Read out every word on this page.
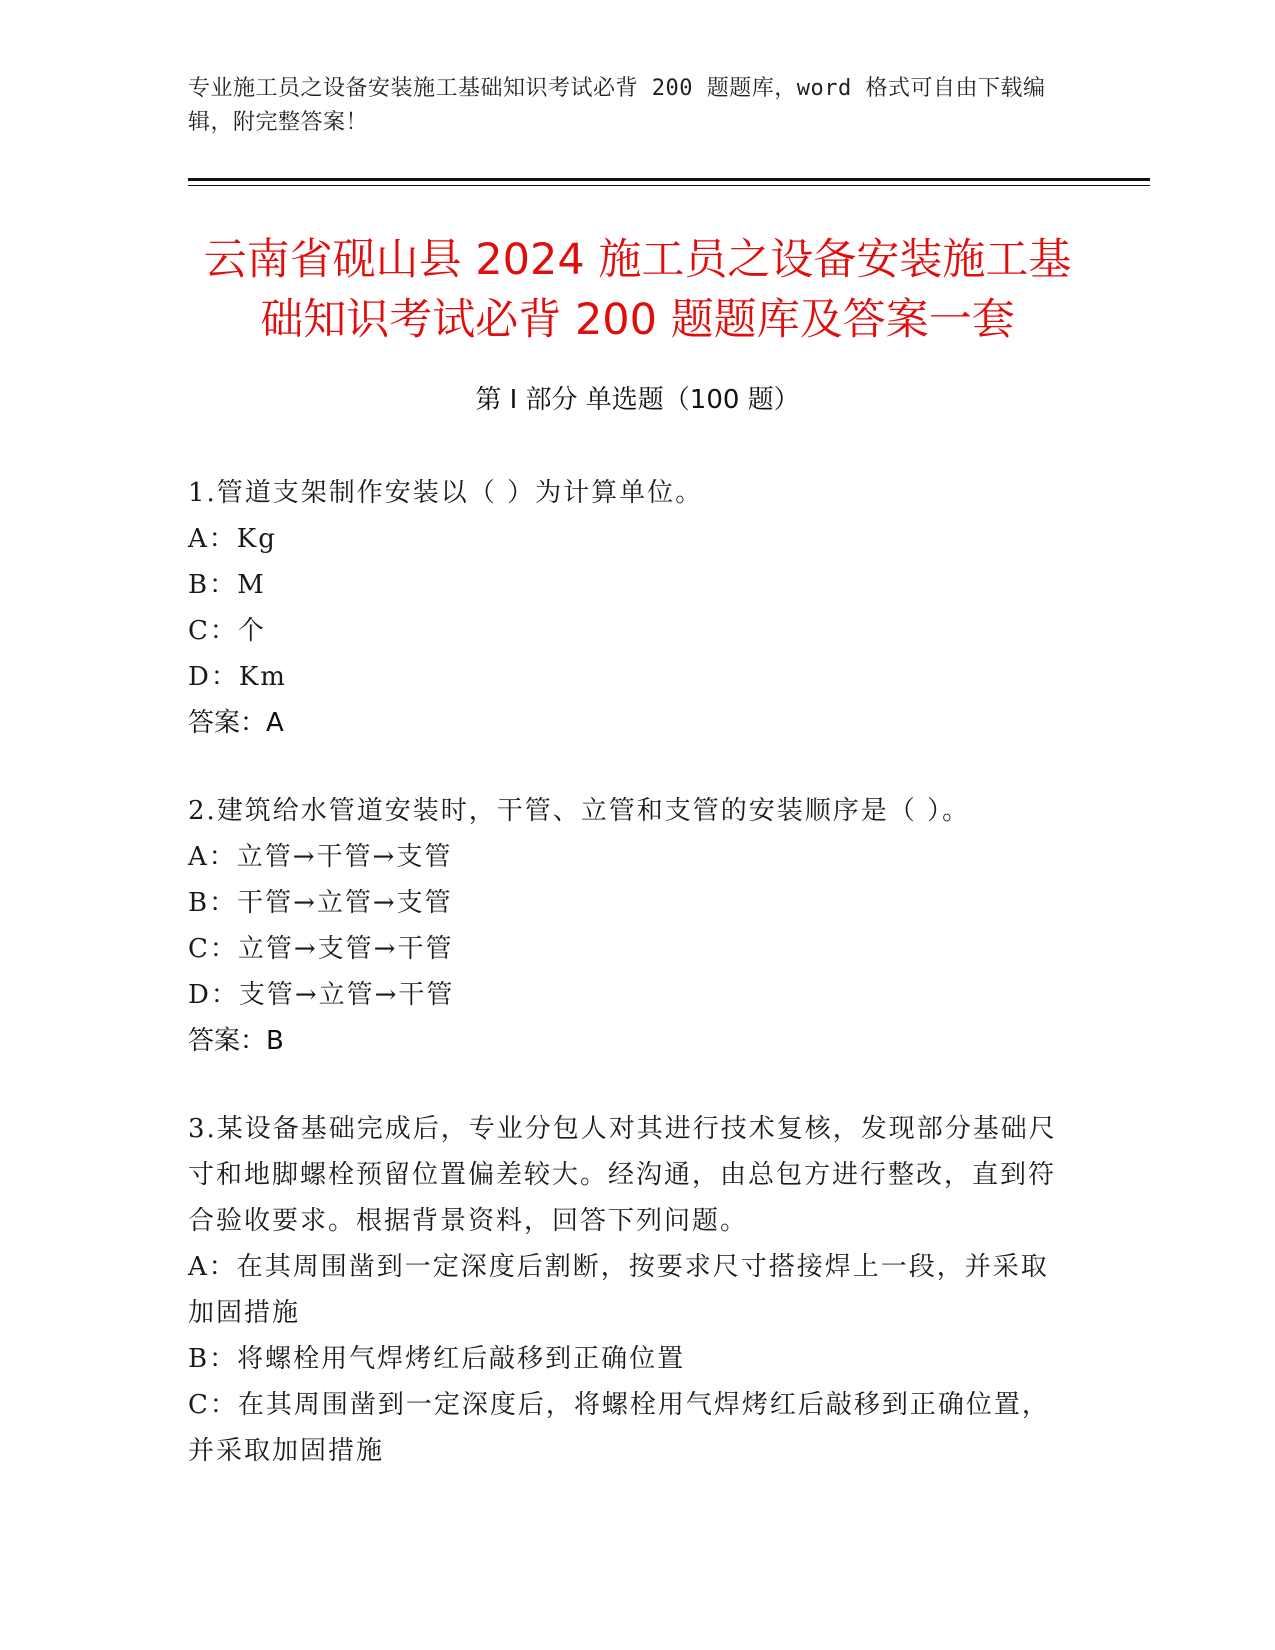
专业施工员之设备安装施工基础知识考试必背 200 题题库，word 格式可自由下载编辑，附完整答案！
云南省砚山县 2024 施工员之设备安装施工基
础知识考试必背 200 题题库及答案一套
第 I 部分 单选题（100 题）
1.管道支架制作安装以（ ）为计算单位。
A：Kg
B：M
C：个
D：Km
答案：A
2.建筑给水管道安装时，干管、立管和支管的安装顺序是（ ）。
A：立管→干管→支管
B：干管→立管→支管
C：立管→支管→干管
D：支管→立管→干管
答案：B
3.某设备基础完成后，专业分包人对其进行技术复核，发现部分基础尺寸和地脚螺栓预留位置偏差较大。经沟通，由总包方进行整改，直到符合验收要求。根据背景资料，回答下列问题。
A：在其周围凿到一定深度后割断，按要求尺寸搭接焊上一段，并采取加固措施
B：将螺栓用气焊烤红后敲移到正确位置
C：在其周围凿到一定深度后，将螺栓用气焊烤红后敲移到正确位置，并采取加固措施
